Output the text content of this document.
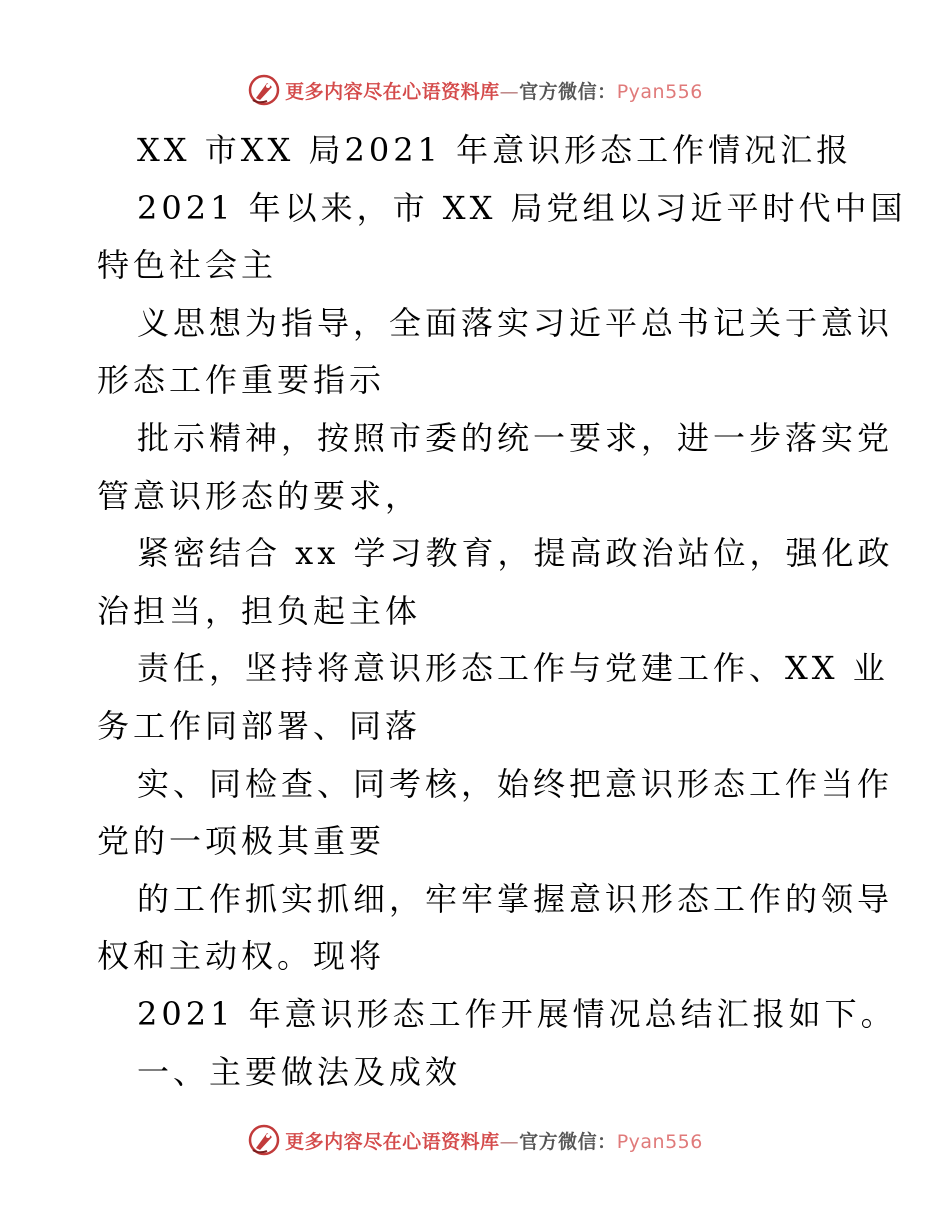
更多内容尽在心语资料库—官方微信：Pyan556
XX 市XX 局2021 年意识形态工作情况汇报
2021 年以来，市 XX 局党组以习近平时代中国
特色社会主
义思想为指导，全面落实习近平总书记关于意识
形态工作重要指示
批示精神，按照市委的统一要求，进一步落实党
管意识形态的要求，
紧密结合 xx 学习教育，提高政治站位，强化政
治担当，担负起主体
责任，坚持将意识形态工作与党建工作、XX 业
务工作同部署、同落
实、同检查、同考核，始终把意识形态工作当作
党的一项极其重要
的工作抓实抓细，牢牢掌握意识形态工作的领导
权和主动权。现将
2021 年意识形态工作开展情况总结汇报如下。
一、主要做法及成效
更多内容尽在心语资料库—官方微信：Pyan556
